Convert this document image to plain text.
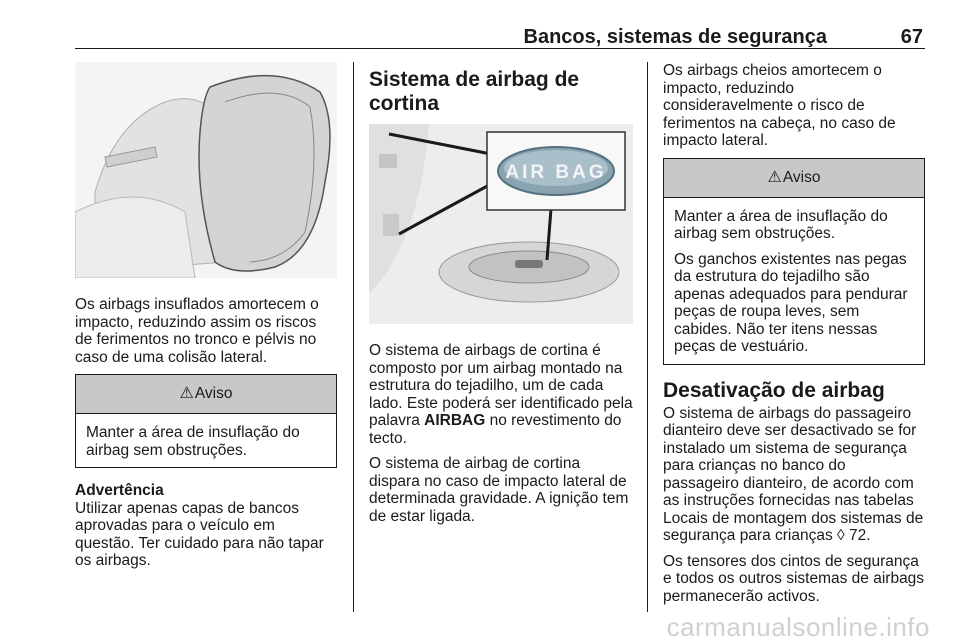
Bancos, sistemas de segurança	67

Os airbags insuflados amortecem o impacto, reduzindo assim os riscos de ferimentos no tronco e pélvis no caso de uma colisão lateral.

⚠ Aviso

Manter a área de insuflação do airbag sem obstruções.

Advertência

Utilizar apenas capas de bancos aprovadas para o veículo em questão. Ter cuidado para não tapar os airbags.

Sistema de airbag de cortina
AIR BAG

O sistema de airbags de cortina é composto por um airbag montado na estrutura do tejadilho, um de cada lado. Este poderá ser identificado pela palavra AIRBAG no revestimento do tecto.

O sistema de airbag de cortina dispara no caso de impacto lateral de determinada gravidade. A ignição tem de estar ligada.

Os airbags cheios amortecem o impacto, reduzindo consideravelmente o risco de ferimentos na cabeça, no caso de impacto lateral.

⚠ Aviso

Manter a área de insuflação do airbag sem obstruções.

Os ganchos existentes nas pegas da estrutura do tejadilho são apenas adequados para pendurar peças de roupa leves, sem cabides. Não ter itens nessas peças de vestuário.

Desativação de airbag

O sistema de airbags do passageiro dianteiro deve ser desactivado se for instalado um sistema de segurança para crianças no banco do passageiro dianteiro, de acordo com as instruções fornecidas nas tabelas Locais de montagem dos sistemas de segurança para crianças ◊ 72.

Os tensores dos cintos de segurança e todos os outros sistemas de airbags permanecerão activos.

carmanualsonline.info
